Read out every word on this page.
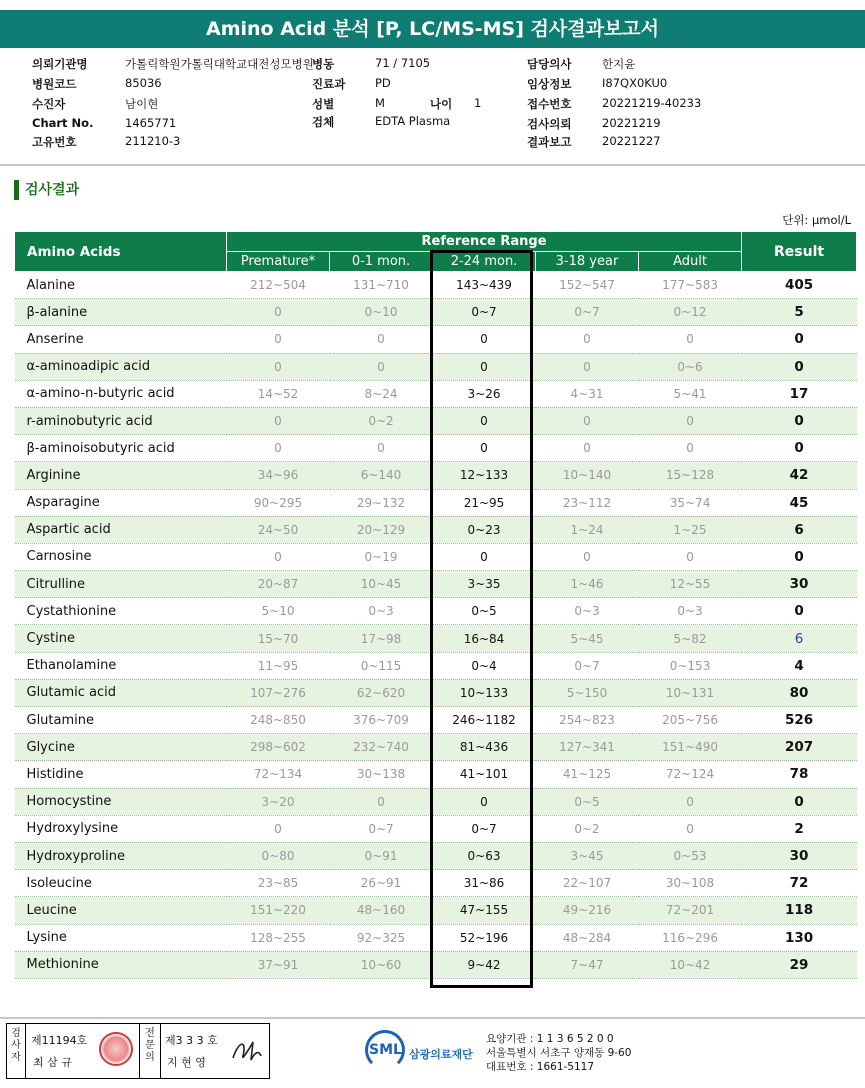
Amino Acid 분석 [P, LC/MS-MS] 검사결과보고서
의뢰기관명	가톨릭학원가톨릭대학교대전성모병원
병원코드	85036
수진자	남이현
Chart No.	1465771
고유번호	211210-3
병동	71 / 7105
진료과	PD
성별	M	나이 1
검체	EDTA Plasma
담당의사	한지윤
임상정보	I87QX0KU0
접수번호	20221219-40233
검사의뢰	20221219
결과보고	20221227
검사결과
단위: μmol/L
Amino Acids	Reference Range					Result
	Premature*	0-1 mon.	2-24 mon.	3-18 year	Adult	
Alanine	212~504	131~710	143~439	152~547	177~583	405
β-alanine	0	0~10	0~7	0~7	0~12	5
Anserine	0	0	0	0	0	0
α-aminoadipic acid	0	0	0	0	0~6	0
α-amino-n-butyric acid	14~52	8~24	3~26	4~31	5~41	17
r-aminobutyric acid	0	0~2	0	0	0	0
β-aminoisobutyric acid	0	0	0	0	0	0
Arginine	34~96	6~140	12~133	10~140	15~128	42
Asparagine	90~295	29~132	21~95	23~112	35~74	45
Aspartic acid	24~50	20~129	0~23	1~24	1~25	6
Carnosine	0	0~19	0	0	0	0
Citrulline	20~87	10~45	3~35	1~46	12~55	30
Cystathionine	5~10	0~3	0~5	0~3	0~3	0
Cystine	15~70	17~98	16~84	5~45	5~82	6
Ethanolamine	11~95	0~115	0~4	0~7	0~153	4
Glutamic acid	107~276	62~620	10~133	5~150	10~131	80
Glutamine	248~850	376~709	246~1182	254~823	205~756	526
Glycine	298~602	232~740	81~436	127~341	151~490	207
Histidine	72~134	30~138	41~101	41~125	72~124	78
Homocystine	3~20	0	0	0~5	0	0
Hydroxylysine	0	0~7	0~7	0~2	0	2
Hydroxyproline	0~80	0~91	0~63	3~45	0~53	30
Isoleucine	23~85	26~91	31~86	22~107	30~108	72
Leucine	151~220	48~160	47~155	49~216	72~201	118
Lysine	128~255	92~325	52~196	48~284	116~296	130
Methionine	37~91	10~60	9~42	7~47	10~42	29
검사자
제11194호
최 삼 규
전문의
제3 3 3 호
지 현 영
SML 삼광의료재단
요양기관 : 1 1 3 6 5 2 0 0
서울특별시 서초구 양재동 9-60
대표번호 : 1661-5117
